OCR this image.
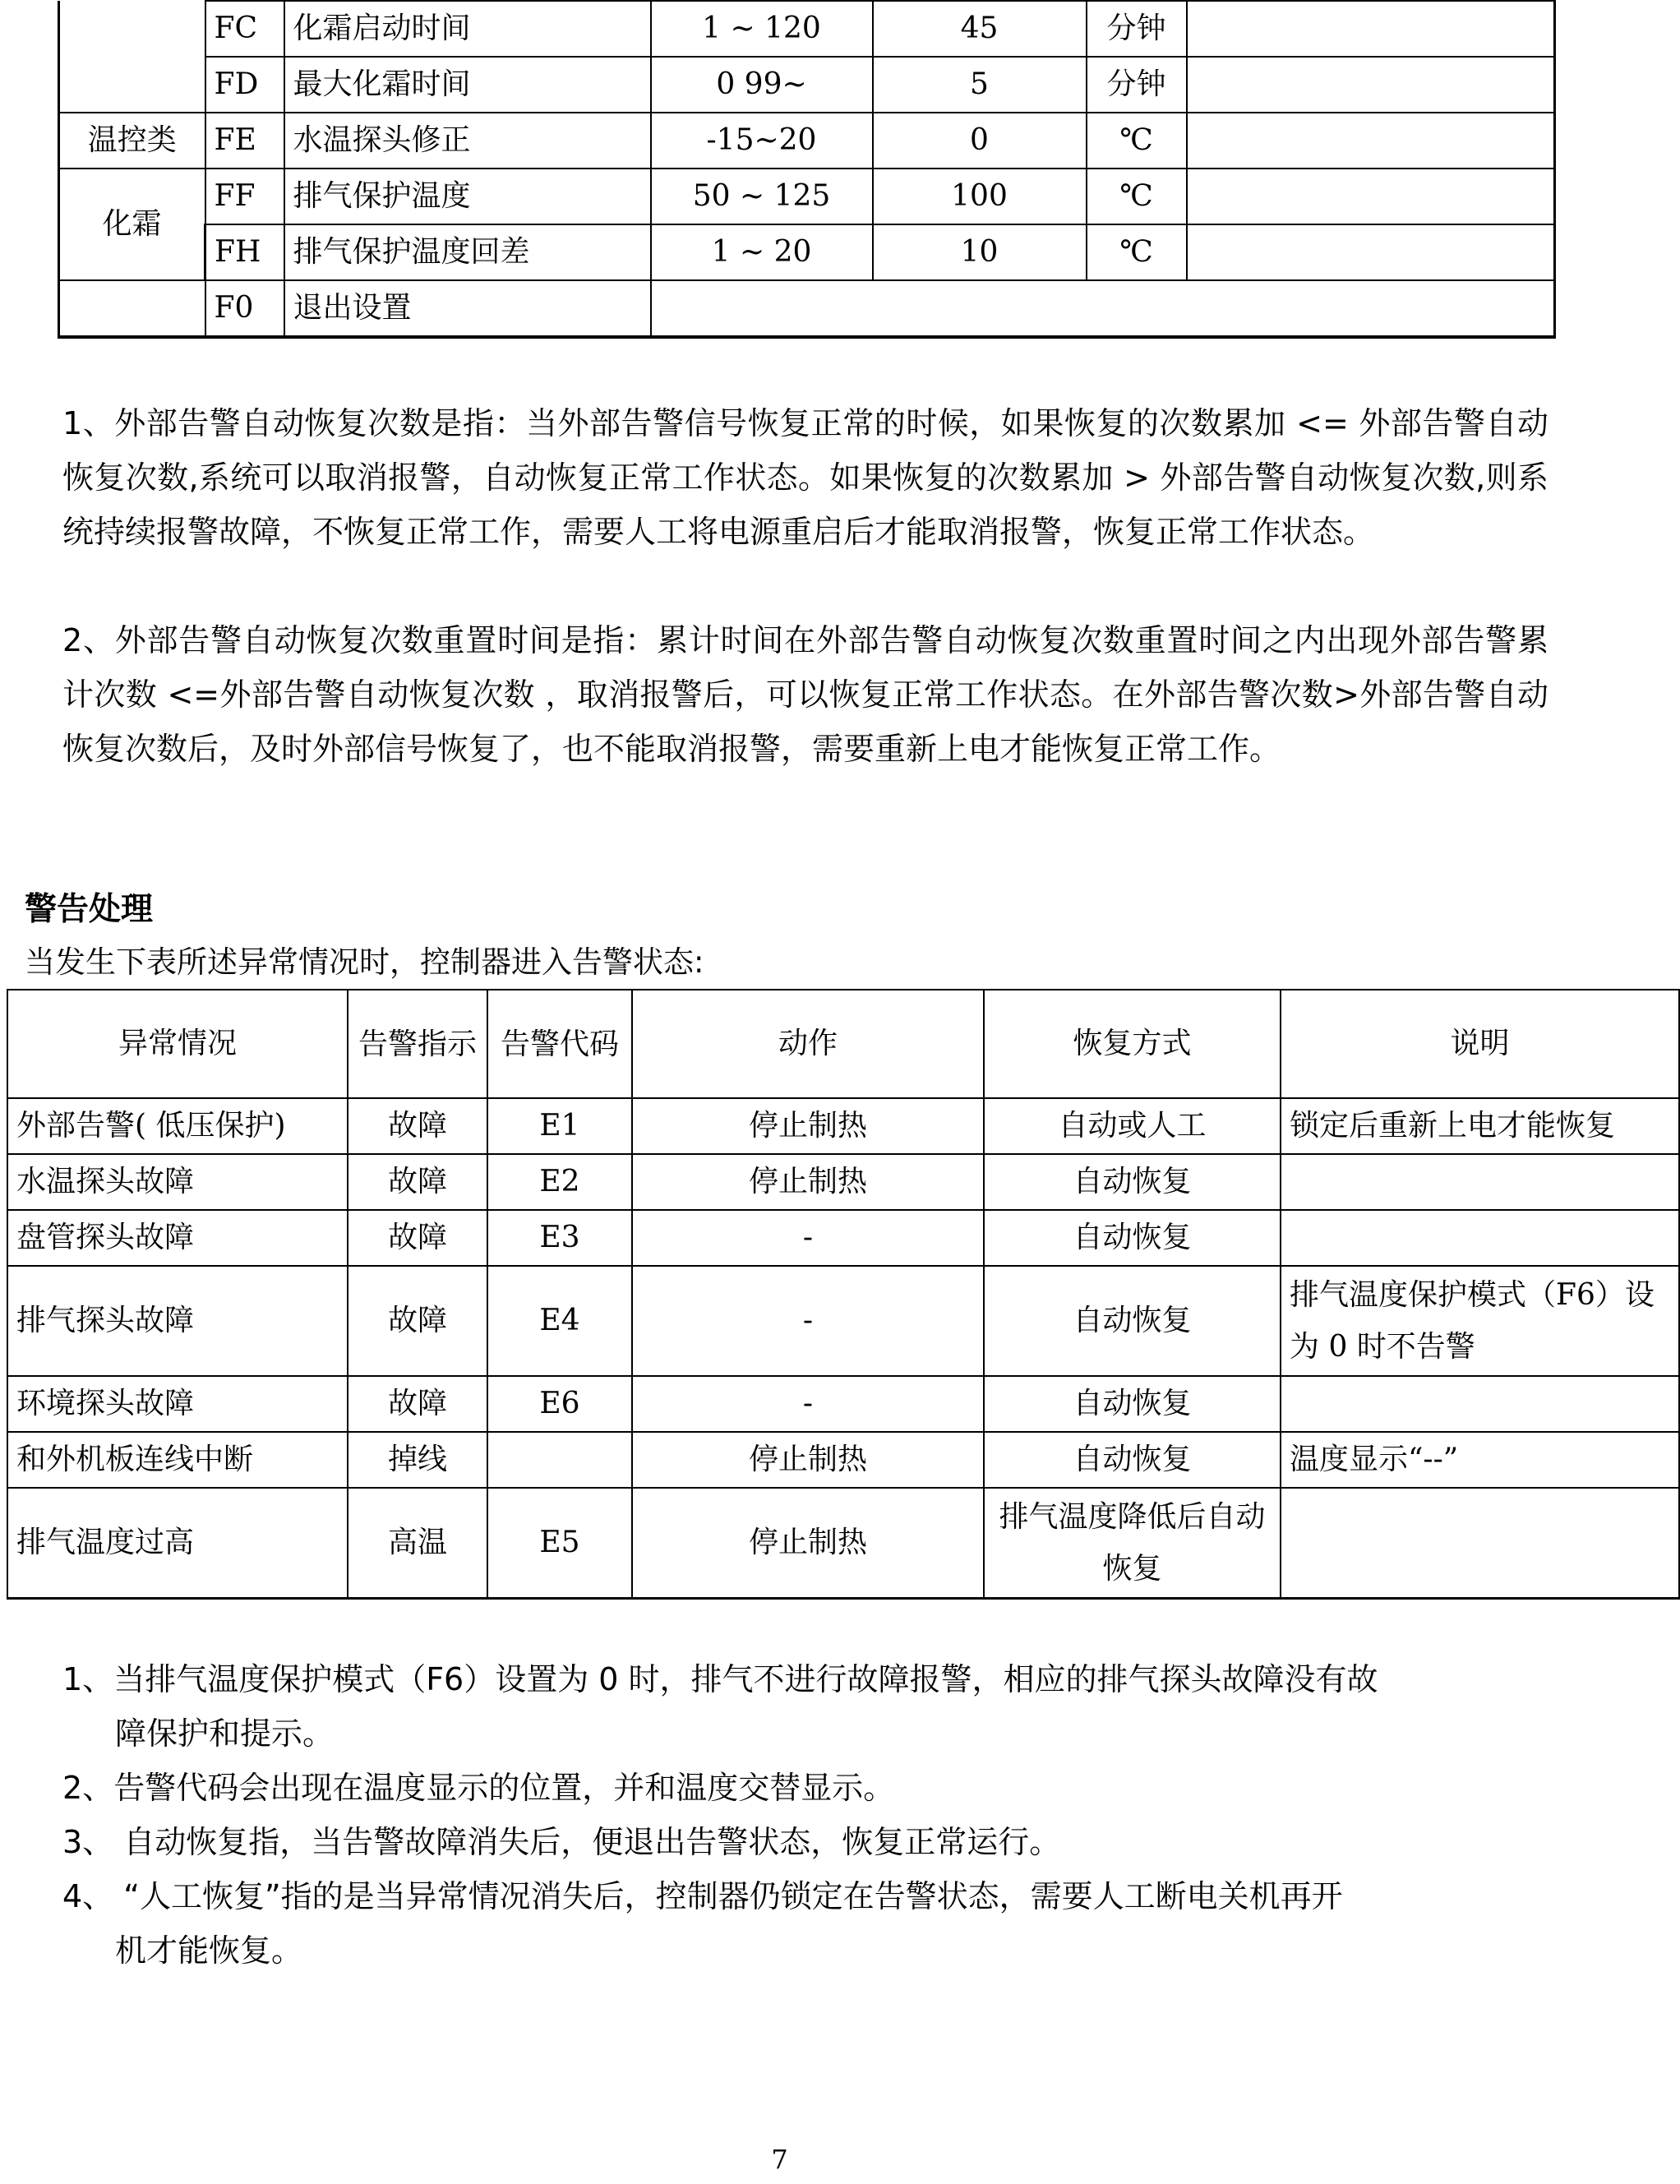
	FC	化霜启动时间	1 ~ 120	45	分钟	
	FD	最大化霜时间	0 99~	5	分钟	
温控类	FE	水温探头修正	-15~20	0	℃	
化霜	FF	排气保护温度	50 ~ 125	100	℃	
	FH	排气保护温度回差	1 ~ 20	10	℃	
	F0	退出设置				
1、外部告警自动恢复次数是指：当外部告警信号恢复正常的时候，如果恢复的次数累加 <= 外部告警自动恢复次数,系统可以取消报警，自动恢复正常工作状态。如果恢复的次数累加 > 外部告警自动恢复次数,则系统持续报警故障，不恢复正常工作，需要人工将电源重启后才能取消报警，恢复正常工作状态。
2、外部告警自动恢复次数重置时间是指：累计时间在外部告警自动恢复次数重置时间之内出现外部告警累计次数 <=外部告警自动恢复次数 ，取消报警后，可以恢复正常工作状态。在外部告警次数>外部告警自动恢复次数后，及时外部信号恢复了，也不能取消报警，需要重新上电才能恢复正常工作。
警告处理
当发生下表所述异常情况时，控制器进入告警状态:
异常情况	告警指示	告警代码	动作	恢复方式	说明
外部告警( 低压保护)	故障	E1	停止制热	自动或人工	锁定后重新上电才能恢复
水温探头故障	故障	E2	停止制热	自动恢复	
盘管探头故障	故障	E3	-	自动恢复	
排气探头故障	故障	E4	-	自动恢复	排气温度保护模式（F6）设为 0 时不告警
环境探头故障	故障	E6	-	自动恢复	
和外机板连线中断	掉线		停止制热	自动恢复	温度显示“--”
排气温度过高	高温	E5	停止制热	排气温度降低后自动恢复	
1、当排气温度保护模式（F6）设置为 0 时，排气不进行故障报警，相应的排气探头故障没有故
障保护和提示。
2、告警代码会出现在温度显示的位置，并和温度交替显示。
3、 自动恢复指，当告警故障消失后，便退出告警状态，恢复正常运行。
4、 “人工恢复”指的是当异常情况消失后，控制器仍锁定在告警状态，需要人工断电关机再开
机才能恢复。
7
